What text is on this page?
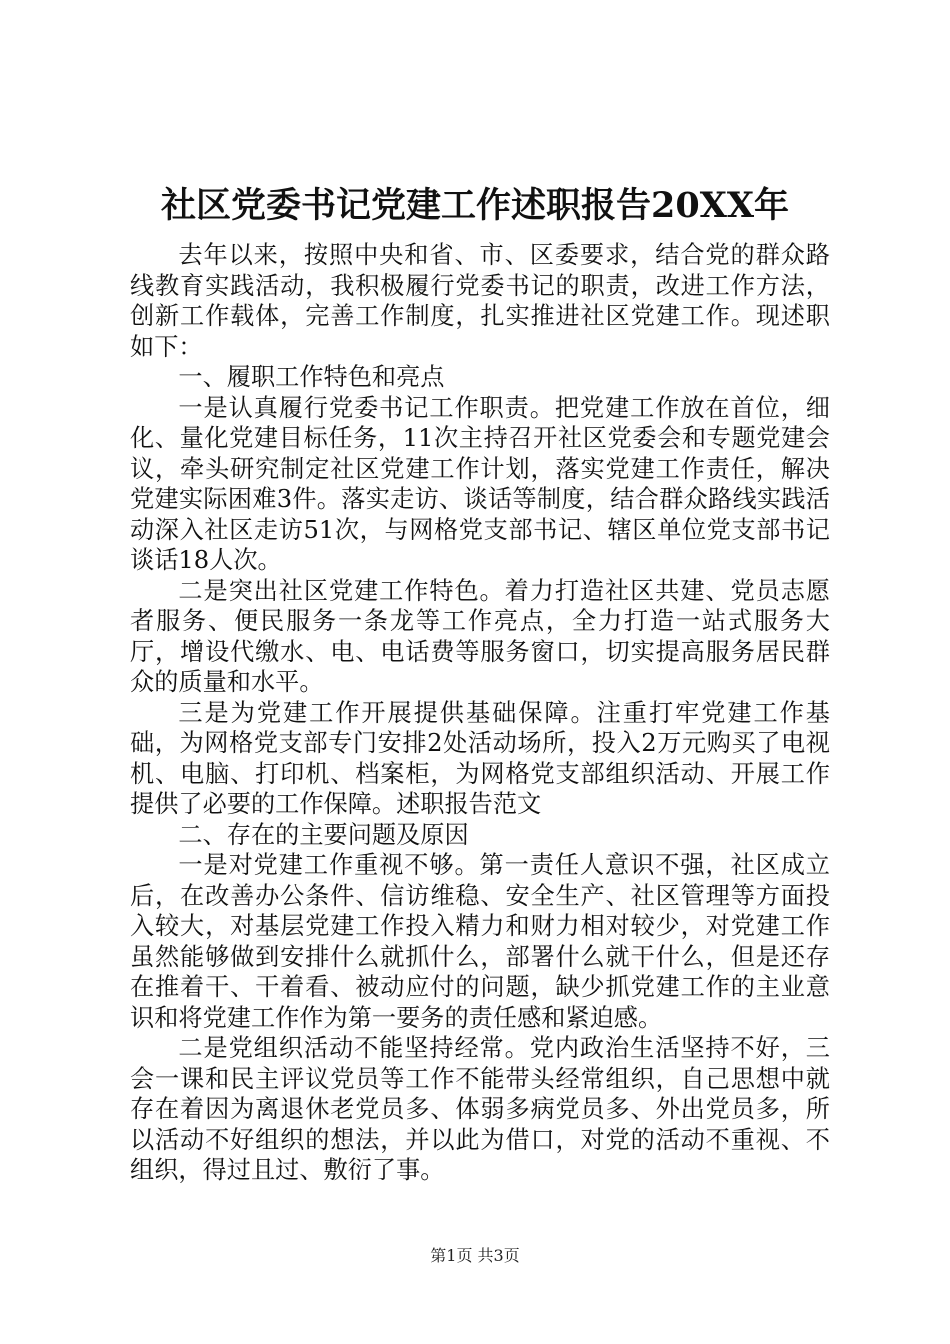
社区党委书记党建工作述职报告20XX年

去年以来，按照中央和省、市、区委要求，结合党的群众路线教育实践活动，我积极履行党委书记的职责，改进工作方法，创新工作载体，完善工作制度，扎实推进社区党建工作。现述职如下：

一、履职工作特色和亮点

一是认真履行党委书记工作职责。把党建工作放在首位，细化、量化党建目标任务，11次主持召开社区党委会和专题党建会议，牵头研究制定社区党建工作计划，落实党建工作责任，解决党建实际困难3件。落实走访、谈话等制度，结合群众路线实践活动深入社区走访51次，与网格党支部书记、辖区单位党支部书记谈话18人次。

二是突出社区党建工作特色。着力打造社区共建、党员志愿者服务、便民服务一条龙等工作亮点，全力打造一站式服务大厅，增设代缴水、电、电话费等服务窗口，切实提高服务居民群众的质量和水平。

三是为党建工作开展提供基础保障。注重打牢党建工作基础，为网格党支部专门安排2处活动场所，投入2万元购买了电视机、电脑、打印机、档案柜，为网格党支部组织活动、开展工作提供了必要的工作保障。述职报告范文

二、存在的主要问题及原因

一是对党建工作重视不够。第一责任人意识不强，社区成立后，在改善办公条件、信访维稳、安全生产、社区管理等方面投入较大，对基层党建工作投入精力和财力相对较少，对党建工作虽然能够做到安排什么就抓什么，部署什么就干什么，但是还存在推着干、干着看、被动应付的问题，缺少抓党建工作的主业意识和将党建工作作为第一要务的责任感和紧迫感。

二是党组织活动不能坚持经常。党内政治生活坚持不好，三会一课和民主评议党员等工作不能带头经常组织，自己思想中就存在着因为离退休老党员多、体弱多病党员多、外出党员多，所以活动不好组织的想法，并以此为借口，对党的活动不重视、不组织，得过且过、敷衍了事。

第1页 共3页
